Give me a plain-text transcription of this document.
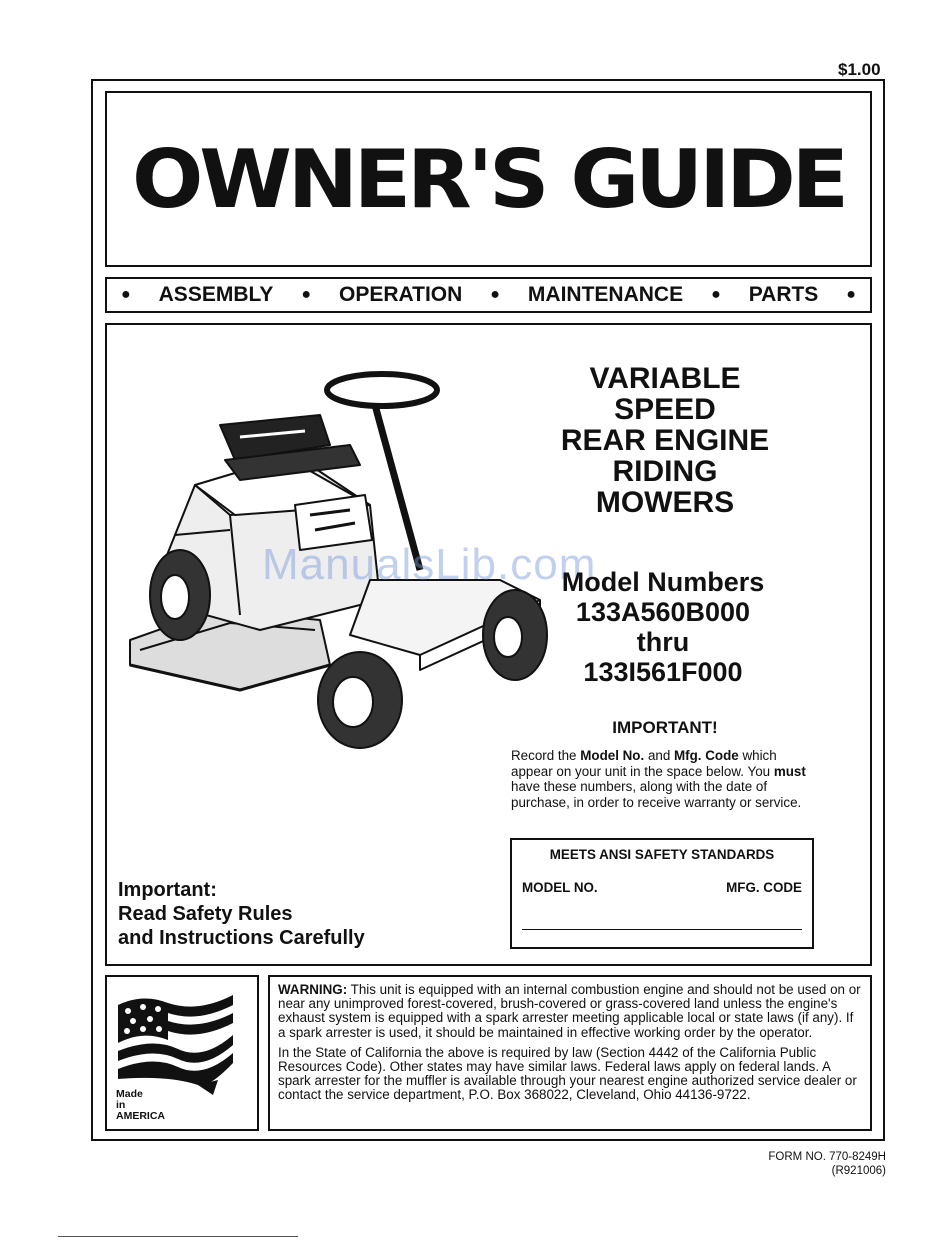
$1.00
OWNER'S GUIDE
● ASSEMBLY ● OPERATION ● MAINTENANCE ● PARTS ●
ManualsLib.com
VARIABLE
SPEED
REAR ENGINE
RIDING
MOWERS
Model Numbers
133A560B000
thru
133I561F000
IMPORTANT!
Record the Model No. and Mfg. Code which appear on your unit in the space below. You must have these numbers, along with the date of purchase, in order to receive warranty or service.
MEETS ANSI SAFETY STANDARDS
MODEL NO.	MFG. CODE
Important:
Read Safety Rules
and Instructions Carefully
Made
in
AMERICA

WARNING: This unit is equipped with an internal combustion engine and should not be used on or near any unimproved forest-covered, brush-covered or grass-covered land unless the engine's exhaust system is equipped with a spark arrester meeting applicable local or state laws (if any). If a spark arrester is used, it should be maintained in effective working order by the operator.

In the State of California the above is required by law (Section 4442 of the California Public Resources Code). Other states may have similar laws. Federal laws apply on federal lands. A spark arrester for the muffler is available through your nearest engine authorized service dealer or contact the service department, P.O. Box 368022, Cleveland, Ohio 44136-9722.

FORM NO. 770-8249H
(R921006)
